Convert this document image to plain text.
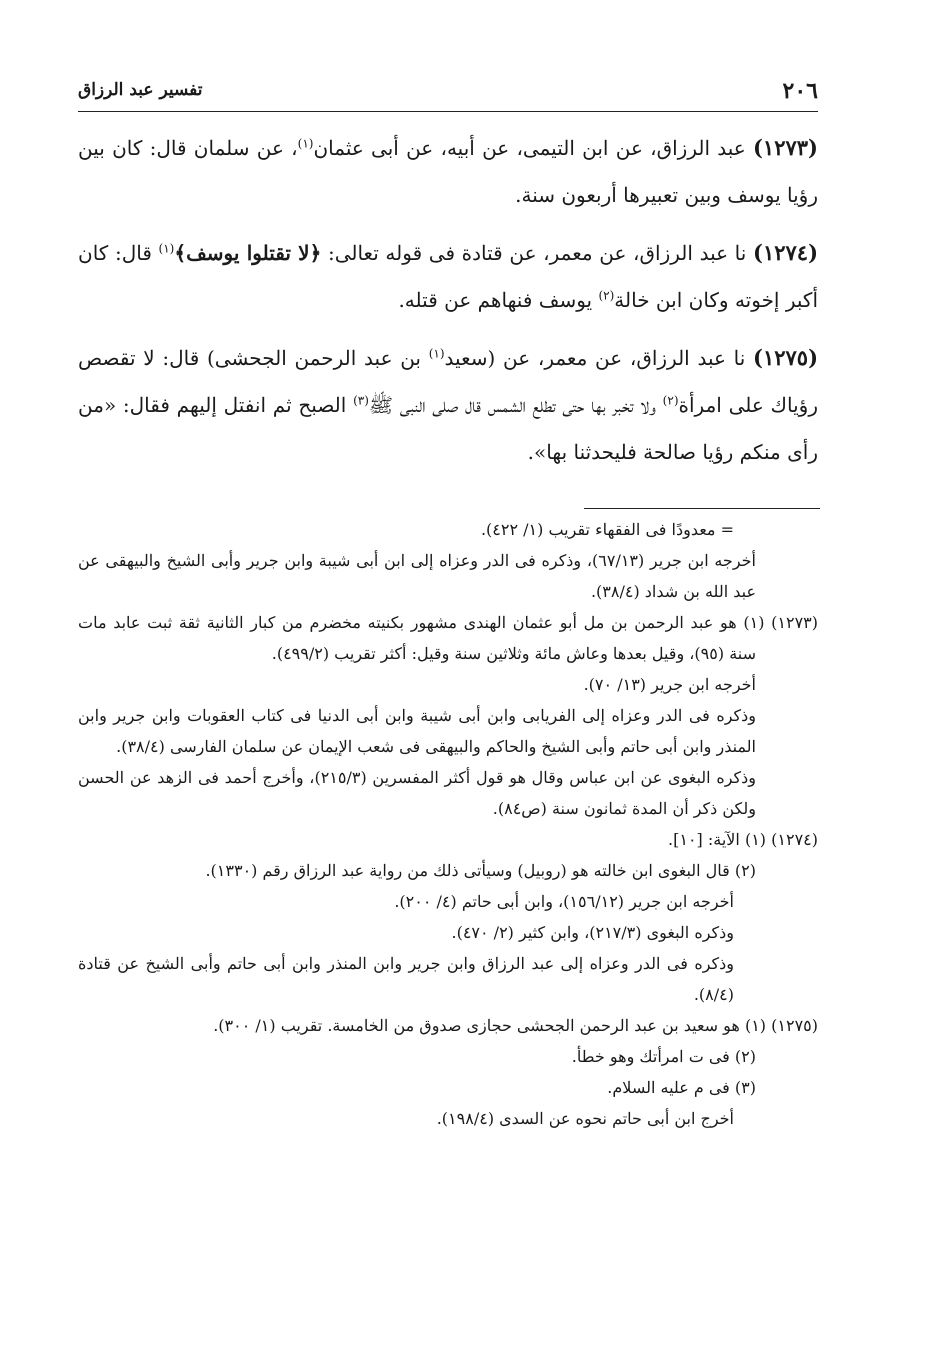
٢٠٦
تفسير عبد الرزاق

(١٢٧٣) عبد الرزاق، عن ابن التيمى، عن أبيه، عن أبى عثمان$^{(١)}$، عن سلمان قال: كان بين رؤيا يوسف وبين تعبيرها أربعون سنة.

(١٢٧٤) نا عبد الرزاق، عن معمر، عن قتادة فى قوله تعالى: ﴿لا تقتلوا يوسف﴾$^{(١)}$ قال: كان أكبر إخوته وكان ابن خالة$^{(٢)}$ يوسف فنهاهم عن قتله.

(١٢٧٥) نا عبد الرزاق، عن معمر، عن (سعيد$^{(١)}$ بن عبد الرحمن الجحشى) قال: لا تقصص رؤياك على امرأة$^{(٢)}$ ولا تخبر بها حتى تطلع الشمس قال صلى النبى ﷺ$^{(٣)}$ الصبح ثم انفتل إليهم فقال: «من رأى منكم رؤيا صالحة فليحدثنا بها».

= معدودًا فى الفقهاء تقريب (١/ ٤٢٢).

أخرجه ابن جرير (٦٧/١٣)، وذكره فى الدر وعزاه إلى ابن أبى شيبة وابن جرير وأبى الشيخ والبيهقى عن عبد الله بن شداد (٣٨/٤).

(١٢٧٣) (١) هو عبد الرحمن بن مل أبو عثمان الهندى مشهور بكنيته مخضرم من كبار الثانية ثقة ثبت عابد مات سنة (٩٥)، وقيل بعدها وعاش مائة وثلاثين سنة وقيل: أكثر تقريب (٤٩٩/٢).

أخرجه ابن جرير (١٣/ ٧٠).

وذكره فى الدر وعزاه إلى الفريابى وابن أبى شيبة وابن أبى الدنيا فى كتاب العقوبات وابن جرير وابن المنذر وابن أبى حاتم وأبى الشيخ والحاكم والبيهقى فى شعب الإيمان عن سلمان الفارسى (٣٨/٤).

وذكره البغوى عن ابن عباس وقال هو قول أكثر المفسرين (٢١٥/٣)، وأخرج أحمد فى الزهد عن الحسن ولكن ذكر أن المدة ثمانون سنة (ص٨٤).

(١٢٧٤) (١) الآية: [١٠].

(٢) قال البغوى ابن خالته هو (روبيل) وسيأتى ذلك من رواية عبد الرزاق رقم (١٣٣٠).

أخرجه ابن جرير (١٥٦/١٢)، وابن أبى حاتم (٤/ ٢٠٠).

وذكره البغوى (٢١٧/٣)، وابن كثير (٢/ ٤٧٠).

وذكره فى الدر وعزاه إلى عبد الرزاق وابن جرير وابن المنذر وابن أبى حاتم وأبى الشيخ عن قتادة (٨/٤).

(١٢٧٥) (١) هو سعيد بن عبد الرحمن الجحشى حجازى صدوق من الخامسة. تقريب (١/ ٣٠٠).

(٢) فى ت امرأتك وهو خطأ.

(٣) فى م عليه السلام.

أخرج ابن أبى حاتم نحوه عن السدى (١٩٨/٤).
